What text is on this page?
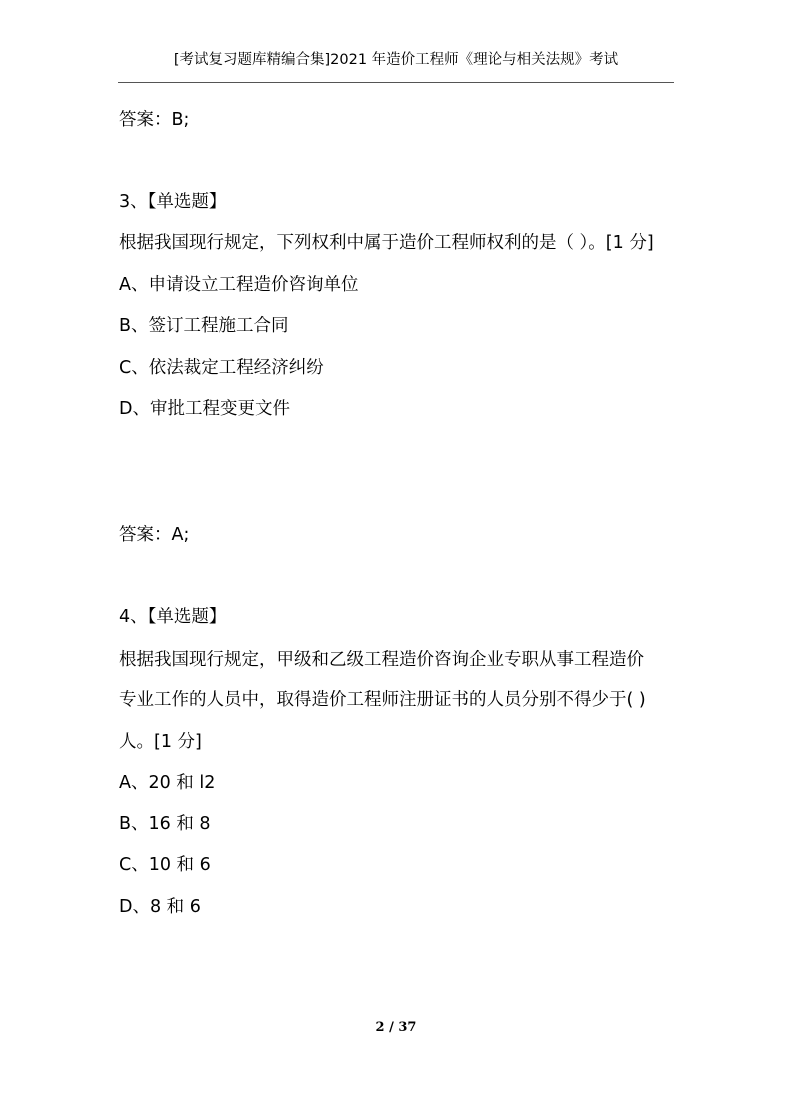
[考试复习题库精编合集]2021 年造价工程师《理论与相关法规》考试
答案：B;
3、【单选题】
根据我国现行规定，下列权利中属于造价工程师权利的是（ ）。[1 分]
A、申请设立工程造价咨询单位
B、签订工程施工合同
C、依法裁定工程经济纠纷
D、审批工程变更文件
答案：A;
4、【单选题】
根据我国现行规定，甲级和乙级工程造价咨询企业专职从事工程造价
专业工作的人员中，取得造价工程师注册证书的人员分别不得少于( )
人。[1 分]
A、20 和 l2
B、16 和 8
C、10 和 6
D、8 和 6
2 / 37
